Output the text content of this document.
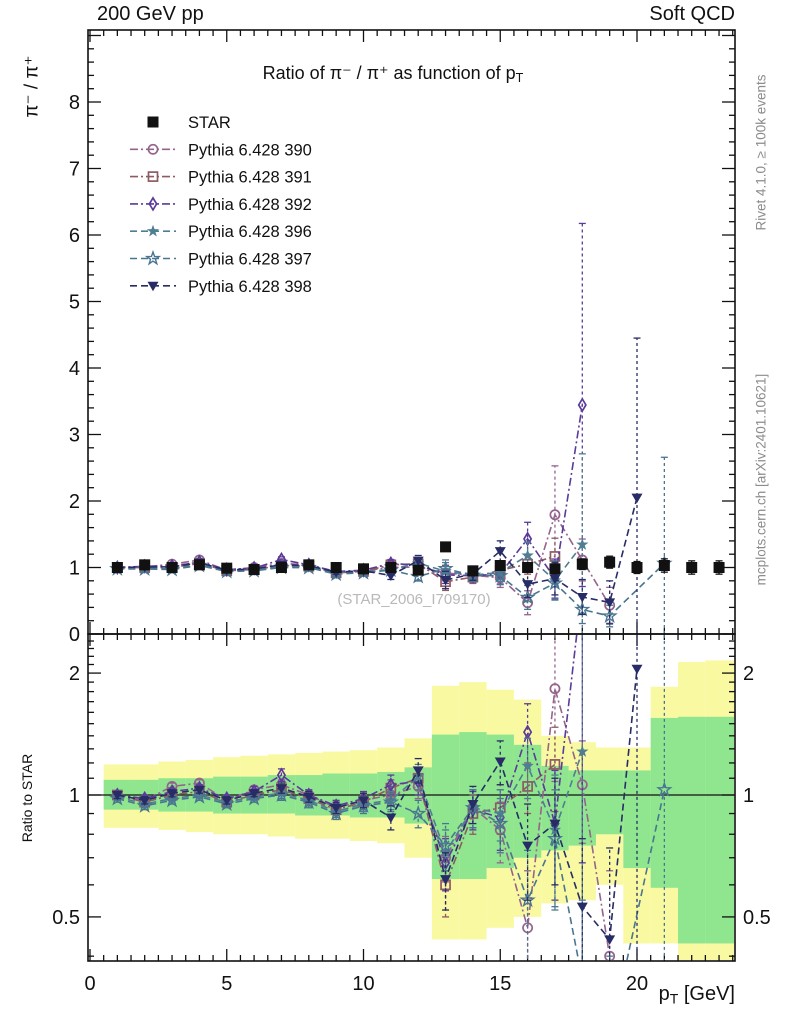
0
1
2
3
4
5
6
7
8
0	5	10	15	20
0.5	0.5
1	1
2	2
STAR
Pythia 6.428 390
Pythia 6.428 391
Pythia 6.428 392
Pythia 6.428 396
Pythia 6.428 397
Pythia 6.428 398
200 GeV pp	Soft QCD
Ratio of π⁻ / π⁺ as function of $p_T$
(STAR_2006_I709170)
π⁻ / π⁺
Ratio to STAR
Rivet 4.1.0, ≥ 100k events
mcplots.cern.ch [arXiv:2401.10621]
$p_T$ [GeV]
